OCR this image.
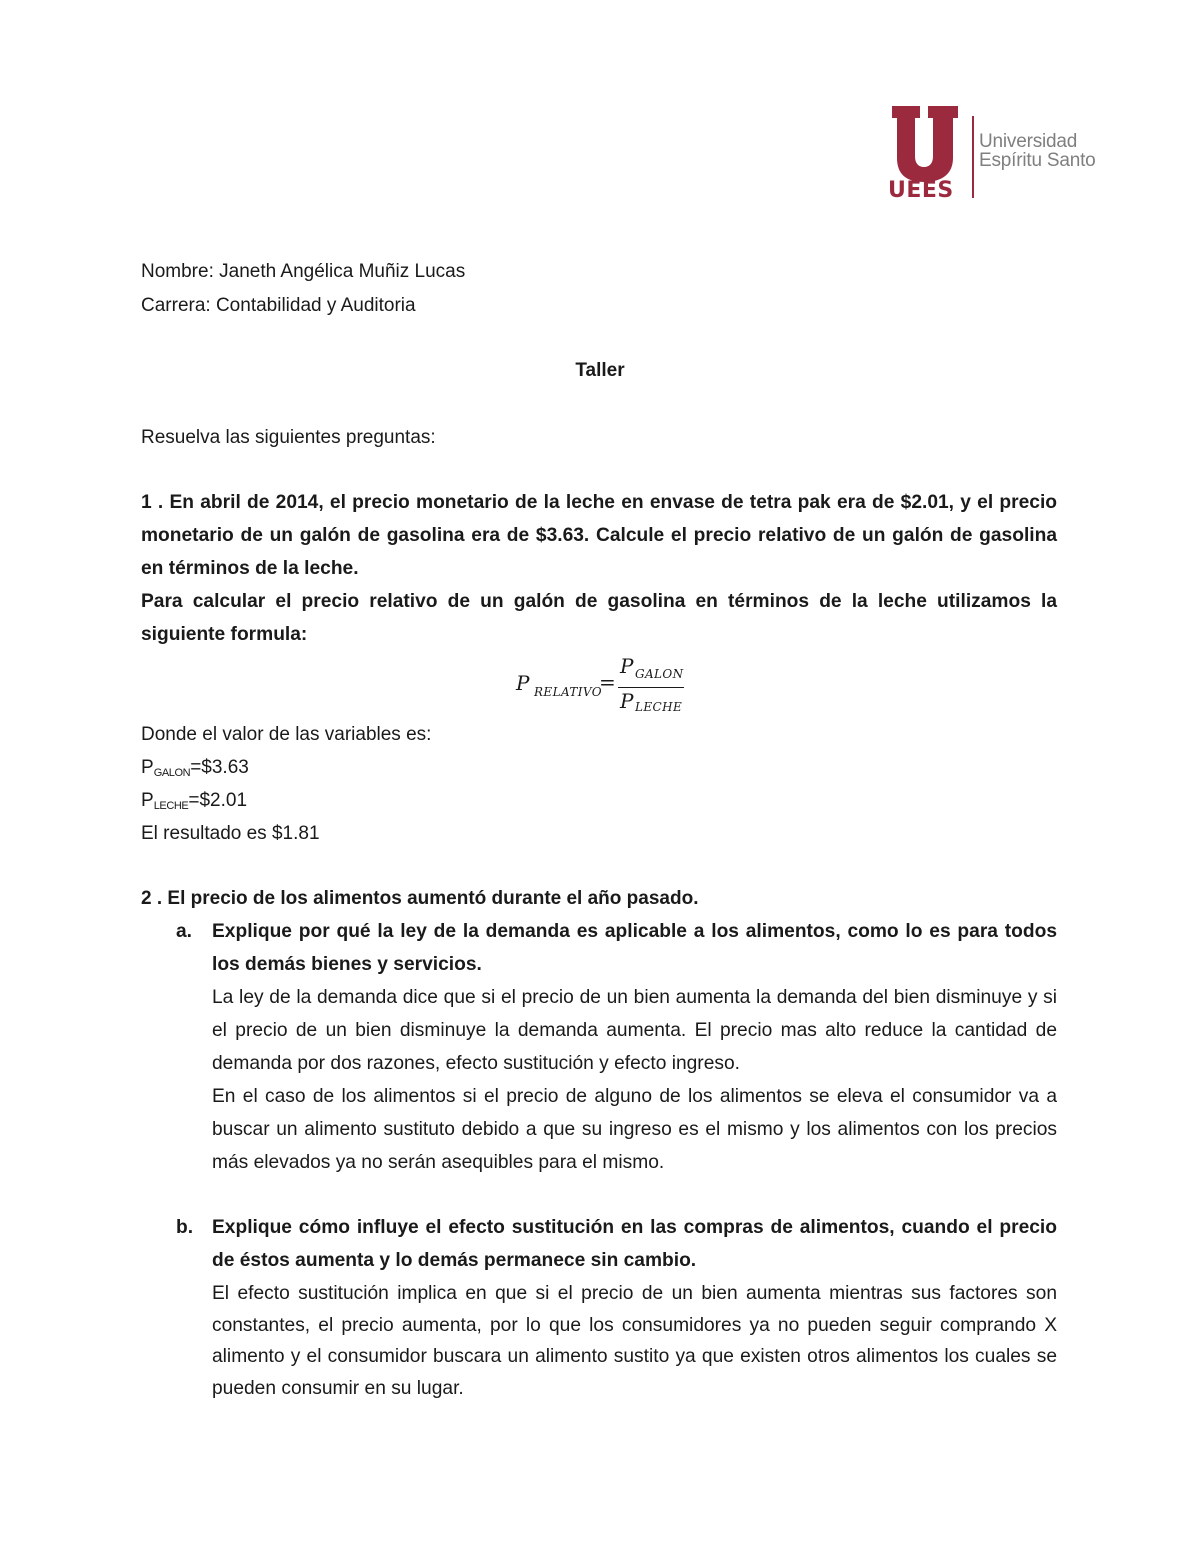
UEES
Universidad
Espíritu Santo
Nombre: Janeth Angélica Muñiz Lucas
Carrera: Contabilidad y Auditoria
Taller
Resuelva las siguientes preguntas:
1 . En abril de 2014, el precio monetario de la leche en envase de tetra pak era de $2.01, y el precio monetario de un galón de gasolina era de $3.63. Calcule el precio relativo de un galón de gasolina en términos de la leche.
Para calcular el precio relativo de un galón de gasolina en términos de la leche utilizamos la siguiente formula:
P RELATIVO
=
P GALON
P LECHE
Donde el valor de las variables es:
$P_{GALON}=\$3.63$
$P_{LECHE}=\$2.01$
El resultado es $1.81
2 . El precio de los alimentos aumentó durante el año pasado.
a. Explique por qué la ley de la demanda es aplicable a los alimentos, como lo es para todos los demás bienes y servicios.
La ley de la demanda dice que si el precio de un bien aumenta la demanda del bien disminuye y si el precio de un bien disminuye la demanda aumenta. El precio mas alto reduce la cantidad de demanda por dos razones, efecto sustitución y efecto ingreso.
En el caso de los alimentos si el precio de alguno de los alimentos se eleva el consumidor va a buscar un alimento sustituto debido a que su ingreso es el mismo y los alimentos con los precios más elevados ya no serán asequibles para el mismo.
b. Explique cómo influye el efecto sustitución en las compras de alimentos, cuando el precio de éstos aumenta y lo demás permanece sin cambio.
El efecto sustitución implica en que si el precio de un bien aumenta mientras sus factores son constantes, el precio aumenta, por lo que los consumidores ya no pueden seguir comprando X alimento y el consumidor buscara un alimento sustito ya que existen otros alimentos los cuales se pueden consumir en su lugar.
